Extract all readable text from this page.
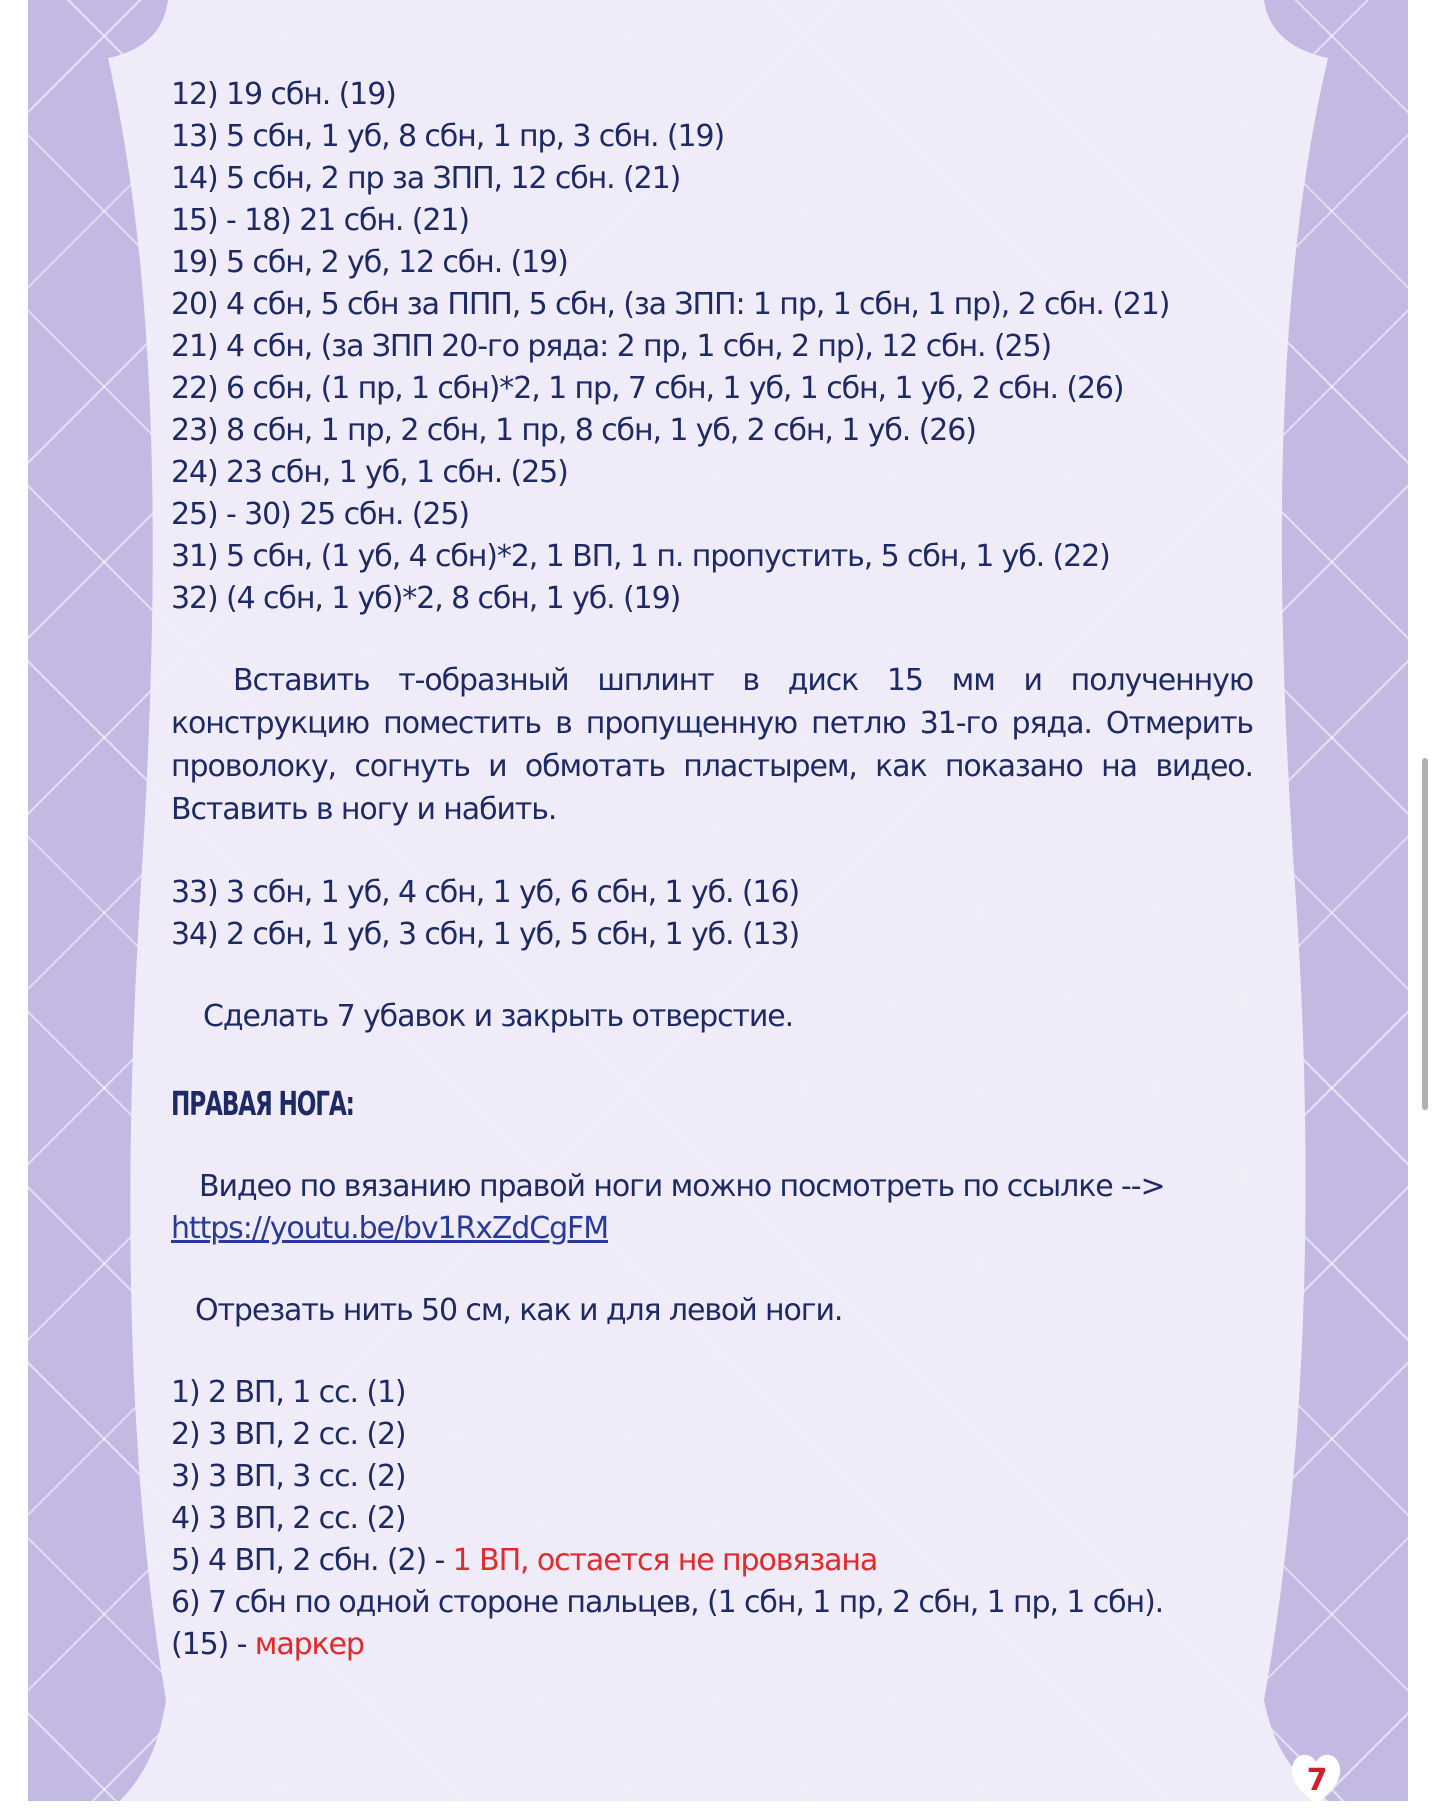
12) 19 сбн. (19)
13) 5 сбн, 1 уб, 8 сбн, 1 пр, 3 сбн. (19)
14) 5 сбн, 2 пр за ЗПП, 12 сбн. (21)
15) - 18) 21 сбн. (21)
19) 5 сбн, 2 уб, 12 сбн. (19)
20) 4 сбн, 5 сбн за ППП, 5 сбн, (за ЗПП: 1 пр, 1 сбн, 1 пр), 2 сбн. (21)
21) 4 сбн, (за ЗПП 20-го ряда: 2 пр, 1 сбн, 2 пр), 12 сбн. (25)
22) 6 сбн, (1 пр, 1 сбн)*2, 1 пр, 7 сбн, 1 уб, 1 сбн, 1 уб, 2 сбн. (26)
23) 8 сбн, 1 пр, 2 сбн, 1 пр, 8 сбн, 1 уб, 2 сбн, 1 уб. (26)
24) 23 сбн, 1 уб, 1 сбн. (25)
25) - 30) 25 сбн. (25)
31) 5 сбн, (1 уб, 4 сбн)*2, 1 ВП, 1 п. пропустить, 5 сбн, 1 уб. (22)
32) (4 сбн, 1 уб)*2, 8 сбн, 1 уб. (19)

Вставить т-образный шплинт в диск 15 мм и полученную конструкцию поместить в пропущенную петлю 31-го ряда. Отмерить проволоку, согнуть и обмотать пластырем, как показано на видео. Вставить в ногу и набить.

33) 3 сбн, 1 уб, 4 сбн, 1 уб, 6 сбн, 1 уб. (16)
34) 2 сбн, 1 уб, 3 сбн, 1 уб, 5 сбн, 1 уб. (13)
Сделать 7 убавок и закрыть отверстие.
ПРАВАЯ НОГА:
Видео по вязанию правой ноги можно посмотреть по ссылке -->
https://youtu.be/bv1RxZdCgFM
Отрезать нить 50 см, как и для левой ноги.
1) 2 ВП, 1 сс. (1)
2) 3 ВП, 2 сс. (2)
3) 3 ВП, 3 сс. (2)
4) 3 ВП, 2 сс. (2)
5) 4 ВП, 2 сбн. (2) - 1 ВП, остается не провязана
6) 7 сбн по одной стороне пальцев, (1 сбн, 1 пр, 2 сбн, 1 пр, 1 сбн).
(15) - маркер
7
